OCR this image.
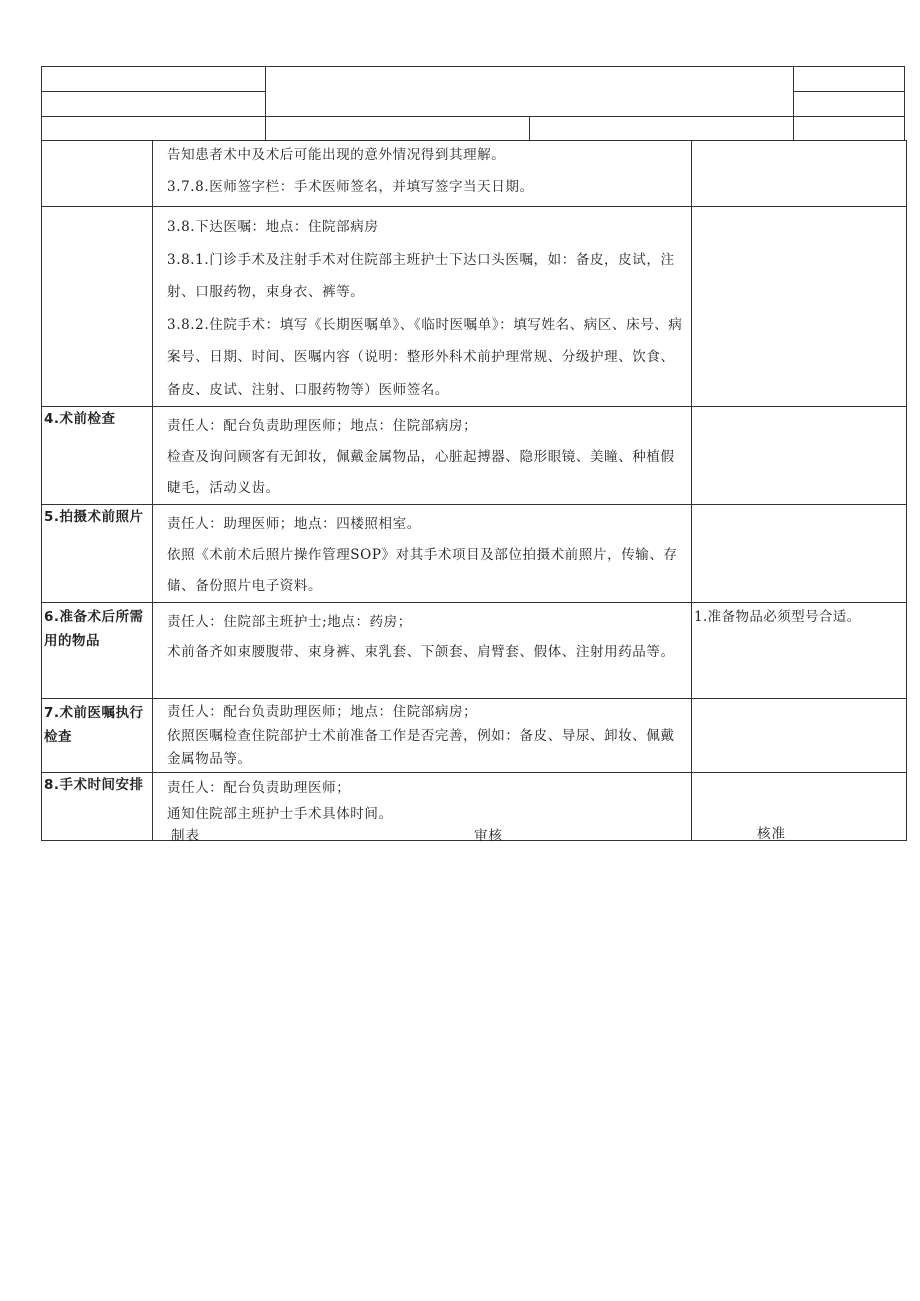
	告知患者术中及术后可能出现的意外情况得到其理解。

3.7.8.医师签字栏：手术医师签名，并填写签字当天日期。	

	3.8.下达医嘱：地点：住院部病房

3.8.1.门诊手术及注射手术对住院部主班护士下达口头医嘱，如：备皮，皮试，注射、口服药物，束身衣、裤等。

3.8.2.住院手术：填写《长期医嘱单》、《临时医嘱单》：填写姓名、病区、床号、病案号、日期、时间、医嘱内容（说明：整形外科术前护理常规、分级护理、饮食、备皮、皮试、注射、口服药物等）医师签名。	

4.术前检查	责任人：配台负责助理医师；地点：住院部病房；

检查及询问顾客有无卸妆，佩戴金属物品，心脏起搏器、隐形眼镜、美瞳、种植假睫毛，活动义齿。	

5.拍摄术前照片	责任人：助理医师；地点：四楼照相室。

依照《术前术后照片操作管理SOP》对其手术项目及部位拍摄术前照片，传输、存储、备份照片电子资料。	

6.准备术后所需用的物品	责任人：住院部主班护士;地点：药房；

术前备齐如束腰腹带、束身裤、束乳套、下颌套、肩臂套、假体、注射用药品等。	1.准备物品必须型号合适。
7.术前医嘱执行检查	责任人：配台负责助理医师；地点：住院部病房；

依照医嘱检查住院部护士术前准备工作是否完善，例如：备皮、导尿、卸妆、佩戴金属物品等。	

8.手术时间安排	责任人：配台负责助理医师；

通知住院部主班护士手术具体时间。	

制表	审核	核准
